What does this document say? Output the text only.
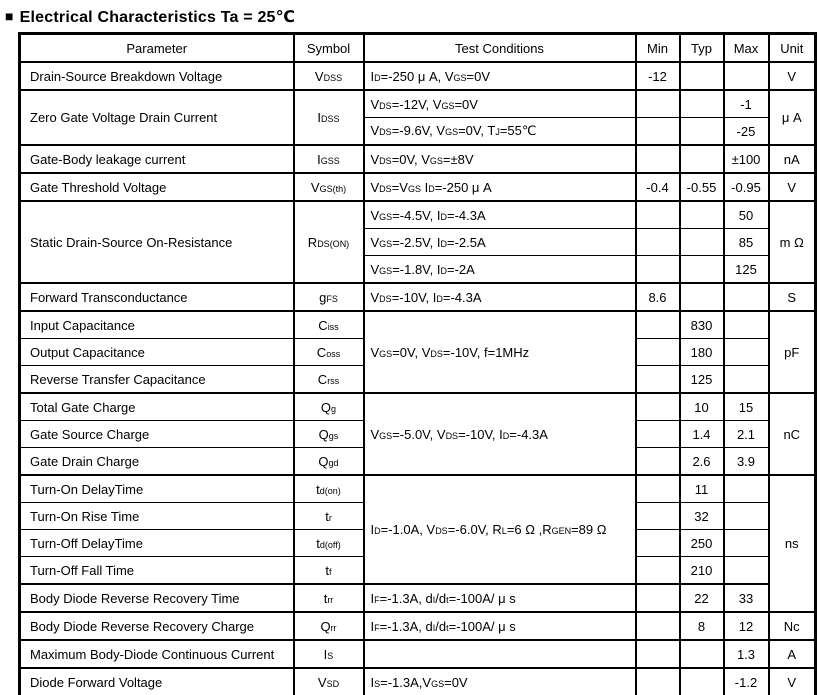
■ Electrical Characteristics Ta = 25℃
Parameter	Symbol	Test Conditions	Min	Typ	Max	Unit
Drain-Source Breakdown Voltage	VDSS	ID=-250 μ A, VGS=0V	-12			V
Zero Gate Voltage Drain Current	IDSS	VDS=-12V, VGS=0V			-1	μ A
		VDS=-9.6V, VGS=0V, TJ=55℃			-25	
Gate-Body leakage current	IGSS	VDS=0V, VGS=±8V			±100	nA
Gate Threshold Voltage	VGS(th)	VDS=VGS ID=-250 μ A	-0.4	-0.55	-0.95	V
Static Drain-Source On-Resistance	RDS(ON)	VGS=-4.5V, ID=-4.3A			50	m Ω
		VGS=-2.5V, ID=-2.5A			85	
		VGS=-1.8V, ID=-2A			125	
Forward Transconductance	gFS	VDS=-10V, ID=-4.3A	8.6			S
Input Capacitance	Ciss	VGS=0V, VDS=-10V, f=1MHz		830		pF
Output Capacitance	Coss			180		
Reverse Transfer Capacitance	Crss			125		
Total Gate Charge	Qg	VGS=-5.0V, VDS=-10V, ID=-4.3A		10	15	nC
Gate Source Charge	Qgs			1.4	2.1	
Gate Drain Charge	Qgd			2.6	3.9	
Turn-On DelayTime	td(on)	ID=-1.0A, VDS=-6.0V, RL=6 Ω ,RGEN=89 Ω		11		ns
Turn-On Rise Time	tr			32		
Turn-Off DelayTime	td(off)			250		
Turn-Off Fall Time	tf			210		
Body Diode Reverse Recovery Time	trr	IF=-1.3A, dI/dt=-100A/ μ s		22	33	
Body Diode Reverse Recovery Charge	Qrr	IF=-1.3A, dI/dt=-100A/ μ s		8	12	Nc
Maximum Body-Diode Continuous Current	IS				1.3	A
Diode Forward Voltage	VSD	IS=-1.3A,VGS=0V			-1.2	V
